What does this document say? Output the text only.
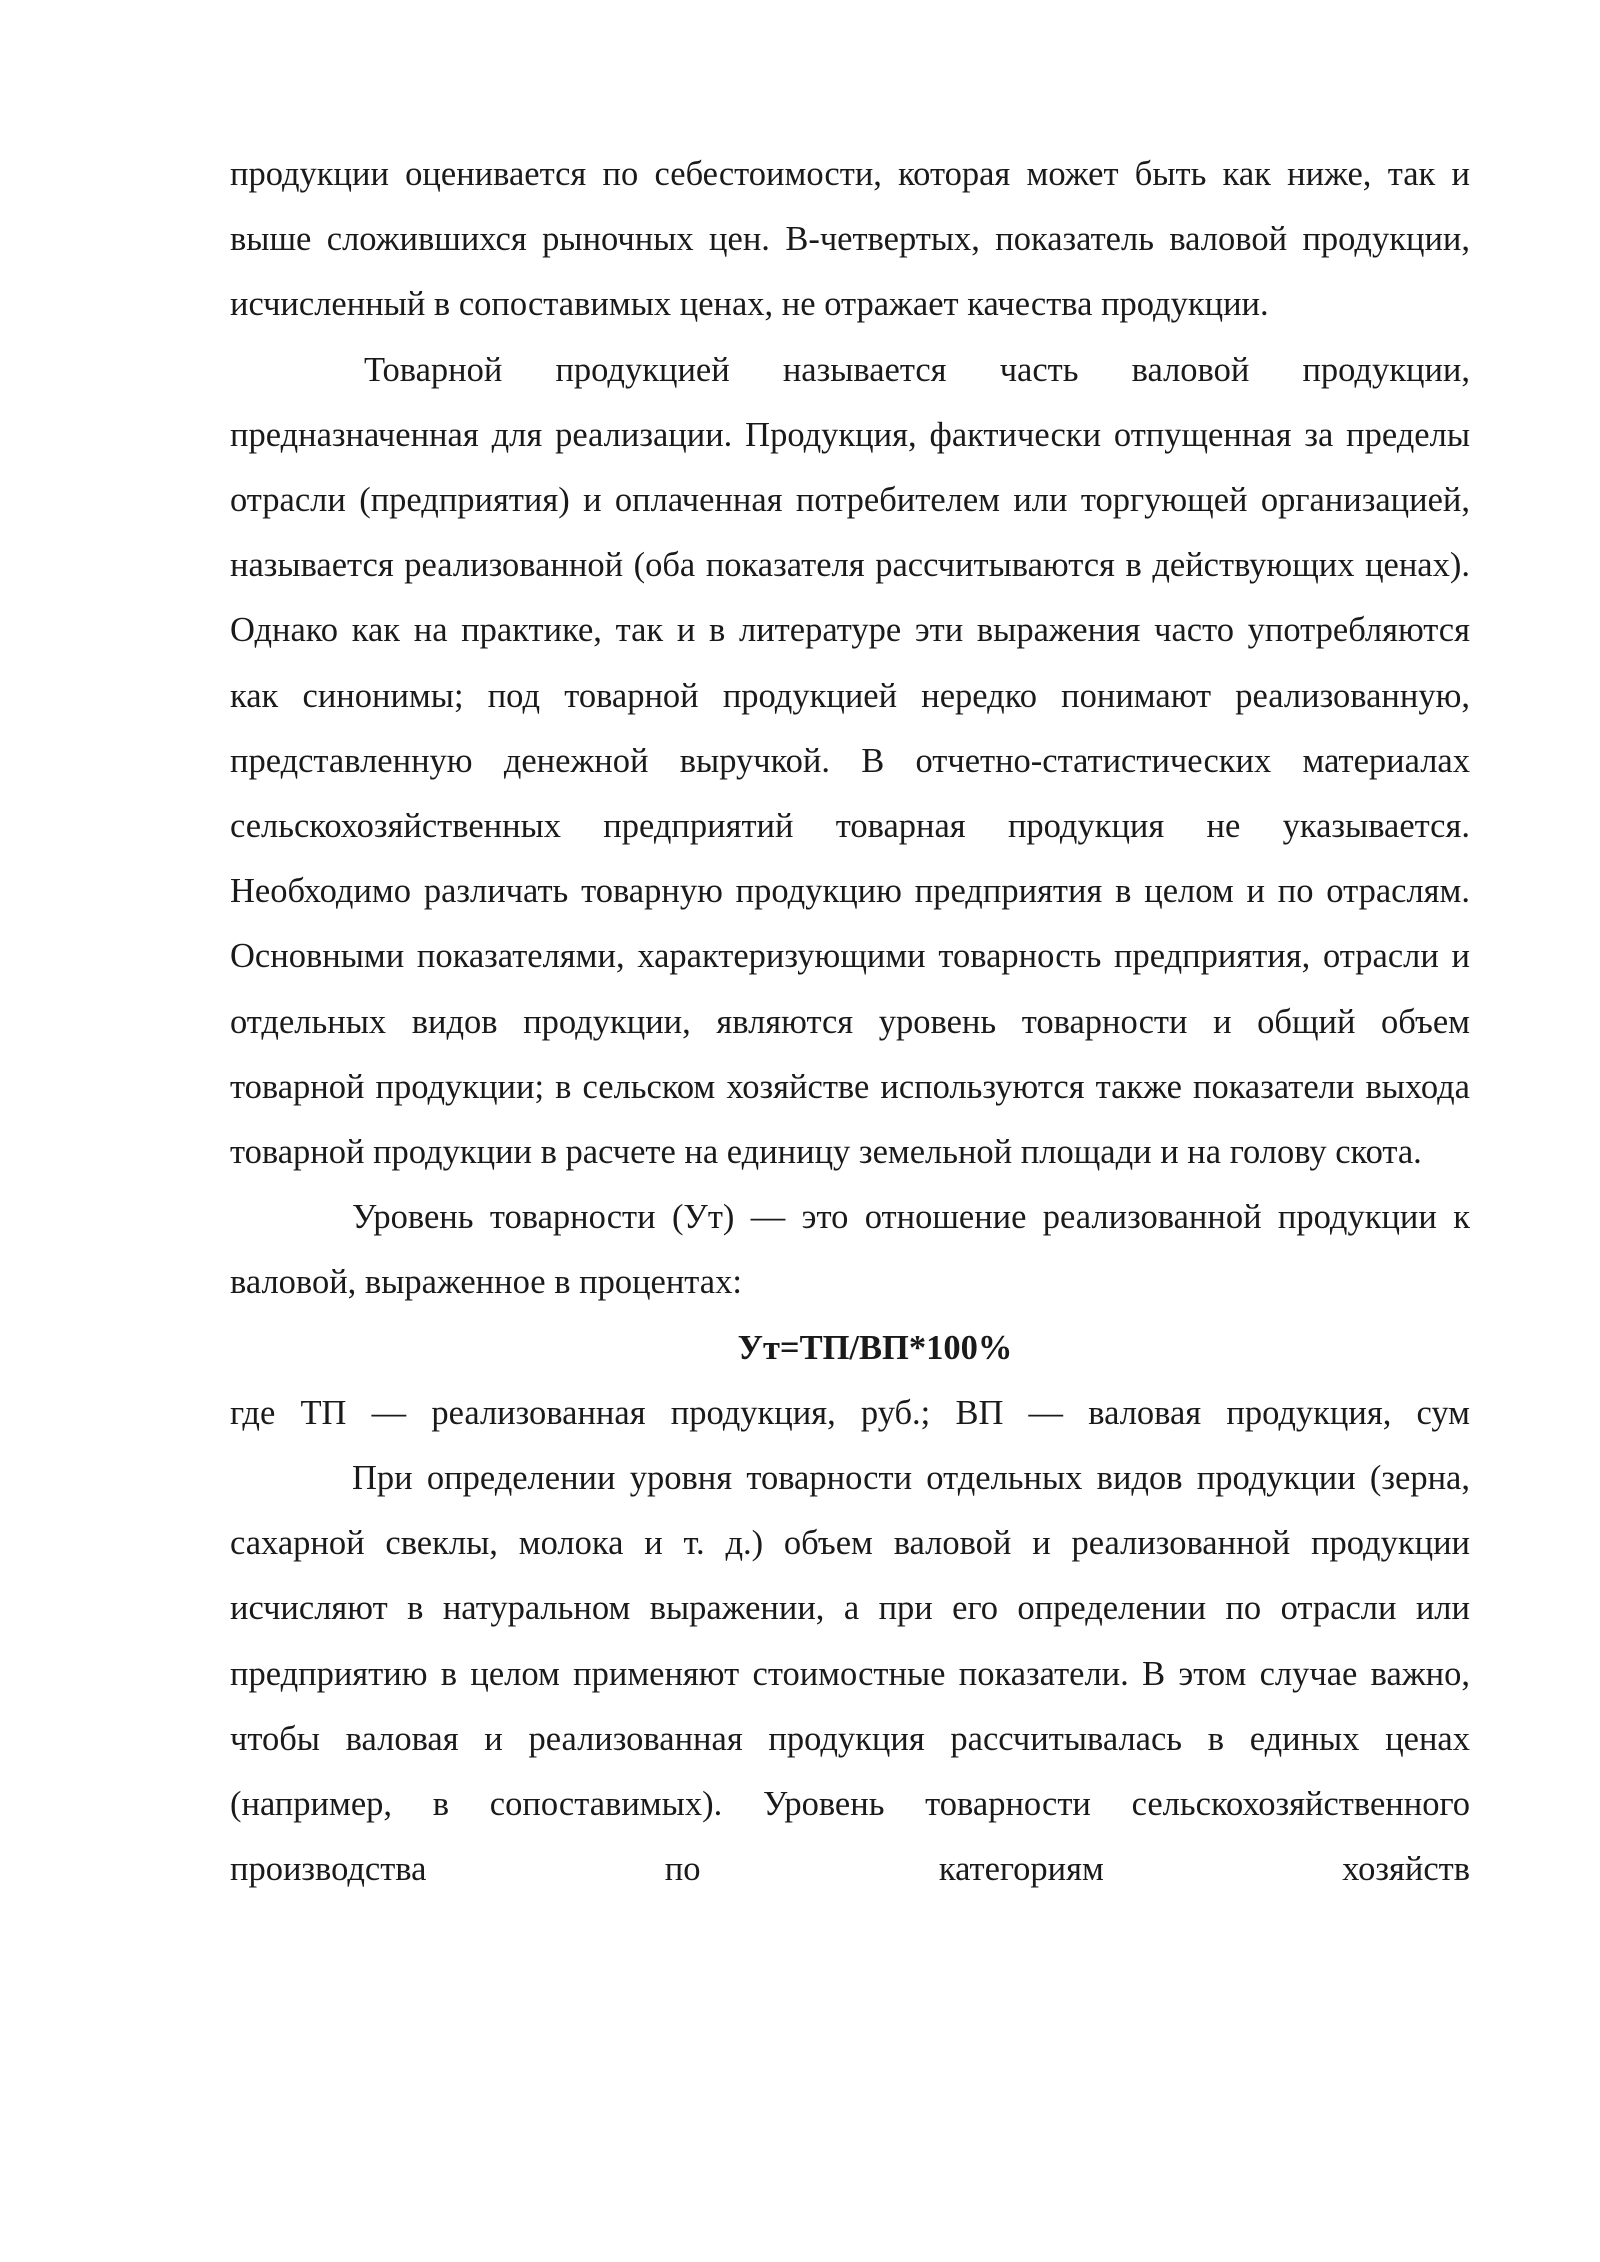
продукции оценивается по себестоимости, которая может быть как ниже, так и выше сложившихся рыночных цен. В-четвертых, показатель валовой продукции, исчисленный в сопоставимых ценах, не отражает качества продукции.

Товарной продукцией называется часть валовой продукции, предназначенная для реализации. Продукция, фактически отпущенная за пределы отрасли (предприятия) и оплаченная потребителем или торгующей организацией, называется реализованной (оба показателя рассчитываются в действующих ценах). Однако как на практике, так и в литературе эти выражения часто употребляются как синонимы; под товарной продукцией нередко понимают реализованную, представленную денежной выручкой. В отчетно-статистических материалах сельскохозяйственных предприятий товарная продукция не указывается. Необходимо различать товарную продукцию предприятия в целом и по отраслям. Основными показателями, характеризующими товарность предприятия, отрасли и отдельных видов продукции, являются уровень товарности и общий объем товарной продукции; в сельском хозяйстве используются также показатели выхода товарной продукции в расчете на единицу земельной площади и на голову скота.

Уровень товарности (Ут) — это отношение реализованной продукции к валовой, выраженное в процентах:

Ут=ТП/ВП*100%

где ТП — реализованная продукция, руб.; ВП — валовая продукция, сум

При определении уровня товарности отдельных видов продукции (зерна, сахарной свеклы, молока и т. д.) объем валовой и реализованной продукции исчисляют в натуральном выражении, а при его определении по отрасли или предприятию в целом применяют стоимостные показатели. В этом случае важно, чтобы валовая и реализованная продукция рассчитывалась в единых ценах (например, в сопоставимых). Уровень товарности сельскохозяйственного производства по категориям хозяйств
